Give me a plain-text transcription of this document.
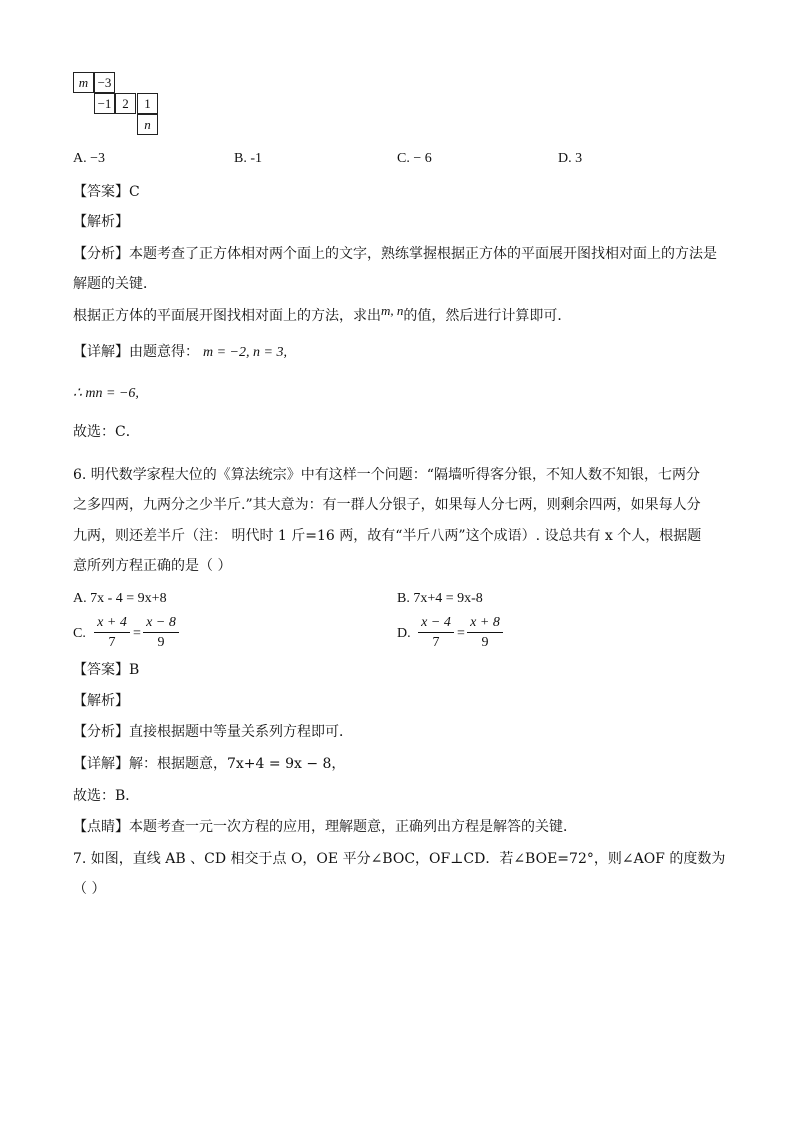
m −3
−1 2	1
n
A. −3	B. -1	C. − 6	D. 3
【答案】C
【解析】
【分析】本题考查了正方体相对两个面上的文字，熟练掌握根据正方体的平面展开图找相对面上的方法是
解题的关键．
根据正方体的平面展开图找相对面上的方法，求出m, n的值，然后进行计算即可．
【详解】由题意得： m = −2, n = 3,
∴ mn = −6,
故选：C．
6. 明代数学家程大位的《算法统宗》中有这样一个问题：“隔墙听得客分银，不知人数不知银，七两分
之多四两，九两分之少半斤.”其大意为：有一群人分银子，如果每人分七两，则剩余四两，如果每人分
九两，则还差半斤（注： 明代时 1 斤=16 两，故有“半斤八两”这个成语）. 设总共有 x 个人，根据题
意所列方程正确的是（ ）
A. 7x - 4 = 9x+8	B. 7x+4 = 9x-8
C.
x + 4
7
=
x − 8
9
D.
x − 4
7
=
x + 8
9
【答案】B
【解析】
【分析】直接根据题中等量关系列方程即可．
【详解】解：根据题意，7x+4 = 9x − 8，
故选：B．
【点睛】本题考查一元一次方程的应用，理解题意，正确列出方程是解答的关键．
7. 如图，直线 AB 、CD 相交于点 O，OE 平分∠BOC，OF⊥CD．若∠BOE=72°，则∠AOF 的度数为
（ ）
